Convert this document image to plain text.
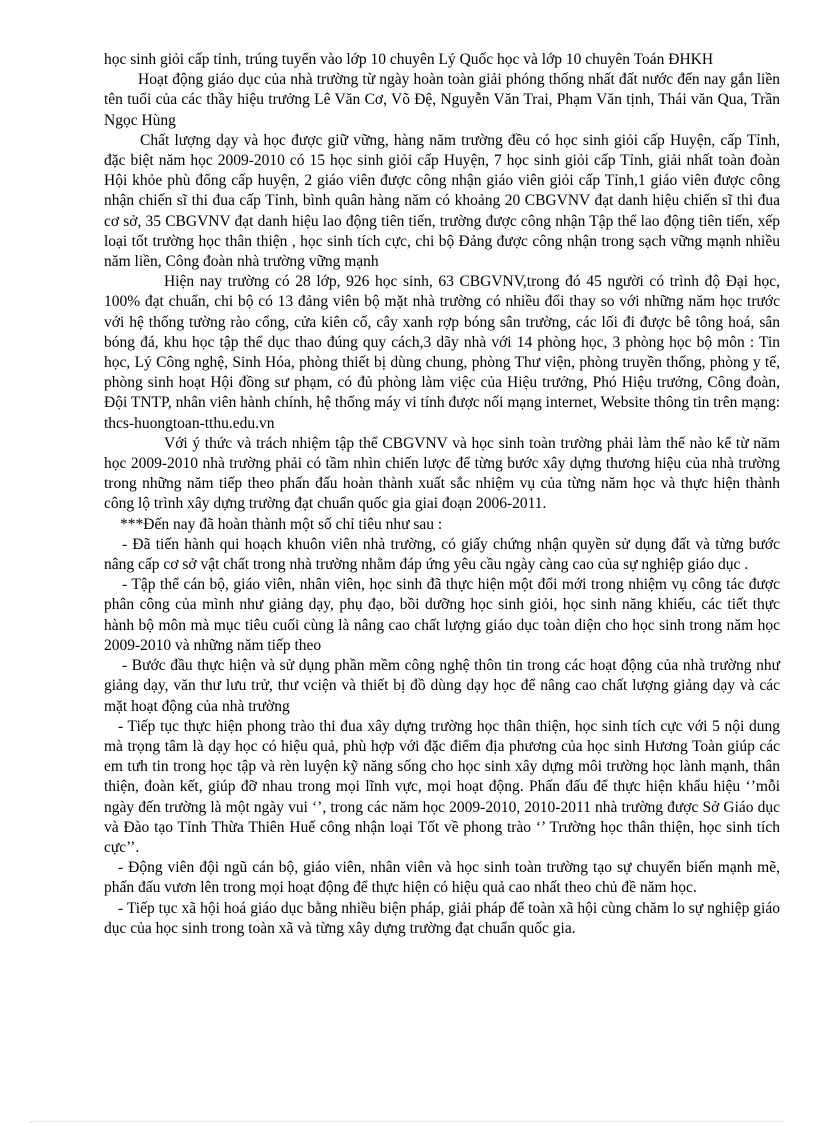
học sinh giỏi cấp tỉnh, trúng tuyển vào lớp 10 chuyên Lý Quốc học và lớp 10 chuyên Toán ĐHKH

Hoạt động giáo dục của nhà trường từ ngày hoàn toàn giải phóng thống nhất đất nước đến nay gắn liền tên tuổi của các thầy hiệu trưởng Lê Văn Cơ, Võ Đệ, Nguyễn Văn Trai, Phạm Văn tịnh, Thái văn Qua, Trần Ngọc Hùng

Chất lượng dạy và học được giữ vững, hàng năm trường đều có học sinh giỏi cấp Huyện, cấp Tỉnh, đặc biệt năm học 2009-2010 có 15 học sinh giỏi cấp Huyện, 7 học sinh giỏi cấp Tỉnh, giải nhất toàn đoàn Hội khỏe phù đổng cấp huyện, 2 giáo viên được công nhận giáo viên giỏi cấp Tỉnh,1 giáo viên được công nhận chiến sĩ thi đua cấp Tỉnh, bình quân hàng năm có khoảng 20 CBGVNV đạt danh hiệu chiến sĩ thi đua cơ sở, 35 CBGVNV đạt danh hiệu lao động tiên tiến, trường được công nhận Tập thể lao động tiên tiến, xếp loại tốt trường học thân thiện , học sinh tích cực, chi bộ Đảng được công nhận trong sạch vững mạnh nhiều năm liền, Công đoàn nhà trường vững mạnh

Hiện nay trường có 28 lớp, 926 học sinh, 63 CBGVNV,trong đó 45 người có trình độ Đại học, 100% đạt chuẩn, chi bộ có 13 đảng viên bộ mặt nhà trường có nhiều đổi thay so với những năm học trước với hệ thống tường rào cổng, cửa kiên cố, cây xanh rợp bóng sân trường, các lối đi được bê tông hoá, sân bóng đá, khu học tập thể dục thao đúng quy cách,3 dãy nhà với 14 phòng học, 3 phòng học bộ môn : Tin học, Lý Công nghệ, Sinh Hóa, phòng thiết bị dùng chung, phòng Thư viện, phòng truyền thống, phòng y tế, phòng sinh hoạt Hội đồng sư phạm, có đủ phòng làm việc của Hiệu trưởng, Phó Hiệu trưởng, Công đoàn, Đội TNTP, nhân viên hành chính, hệ thống máy vi tính được nối mạng internet, Website thông tin trên mạng: thcs-huongtoan-tthu.edu.vn

Với ý thức và trách nhiệm tập thể CBGVNV và học sinh toàn trường phải làm thế nào kể từ năm học 2009-2010 nhà trường phải có tầm nhìn chiến lược để từng bước xây dựng thương hiệu của nhà trường trong những năm tiếp theo phấn đấu hoàn thành xuất sắc nhiệm vụ của từng năm học và thực hiện thành công lộ trình xây dựng trường đạt chuẩn quốc gia giai đoạn 2006-2011.

***Đến nay đã hoàn thành một số chỉ tiêu như sau :

- Đã tiến hành qui hoạch khuôn viên nhà trường, có giấy chứng nhận quyền sử dụng đất và từng bước nâng cấp cơ sở vật chất trong nhà trường nhằm đáp ứng yêu cầu ngày càng cao của sự nghiệp giáo dục .

- Tập thể cán bộ, giáo viên, nhân viên, học sinh đã thực hiện một đổi mới trong nhiệm vụ công tác được phân công của mình như giảng dạy, phụ đạo, bồi dưỡng học sinh giỏi, học sinh năng khiếu, các tiết thực hành bộ môn mà mục tiêu cuối cùng là nâng cao chất lượng giáo dục toàn diện cho học sinh trong năm học 2009-2010 và những năm tiếp theo

- Bước đầu thực hiện và sử dụng phần mềm công nghệ thôn tin trong các hoạt động của nhà trường như giảng dạy, văn thư lưu trử, thư vciện và thiết bị đồ dùng dạy học để nâng cao chất lượng giảng dạy và các mặt hoạt động của nhà trường

- Tiếp tục thực hiện phong trào thi đua xây dựng trường học thân thiện, học sinh tích cực với 5 nội dung mà trọng tâm là dạy học có hiệu quả, phù hợp với đặc điểm địa phương của học sinh Hương Toàn giúp các em tưh tin trong học tập và rèn luyện kỹ năng sống cho học sinh xây dựng môi trường học lành mạnh, thân thiện, đoàn kết, giúp đỡ nhau trong mọi lĩnh vực, mọi hoạt động. Phấn đấu để thực hiện khẩu hiệu ‘’mỗi ngày đến trường là một ngày vui ‘’, trong các năm học 2009-2010, 2010-2011 nhà trường được Sở Giáo dục và Đào tạo Tỉnh Thừa Thiên Huế công nhận loại Tốt về phong trào ‘’ Trường học thân thiện, học sinh tích cực’’.

- Động viên đội ngũ cán bộ, giáo viên, nhân viên và học sinh toàn trường tạo sự chuyển biến mạnh mẽ, phấn đấu vươn lên trong mọi hoạt động để thực hiện có hiệu quả cao nhất theo chủ đề năm học.

- Tiếp tục xã hội hoá giáo dục bằng nhiều biện pháp, giải pháp để toàn xã hội cùng chăm lo sự nghiệp giáo dục của học sinh trong toàn xã và từng xây dựng trường đạt chuẩn quốc gia.
